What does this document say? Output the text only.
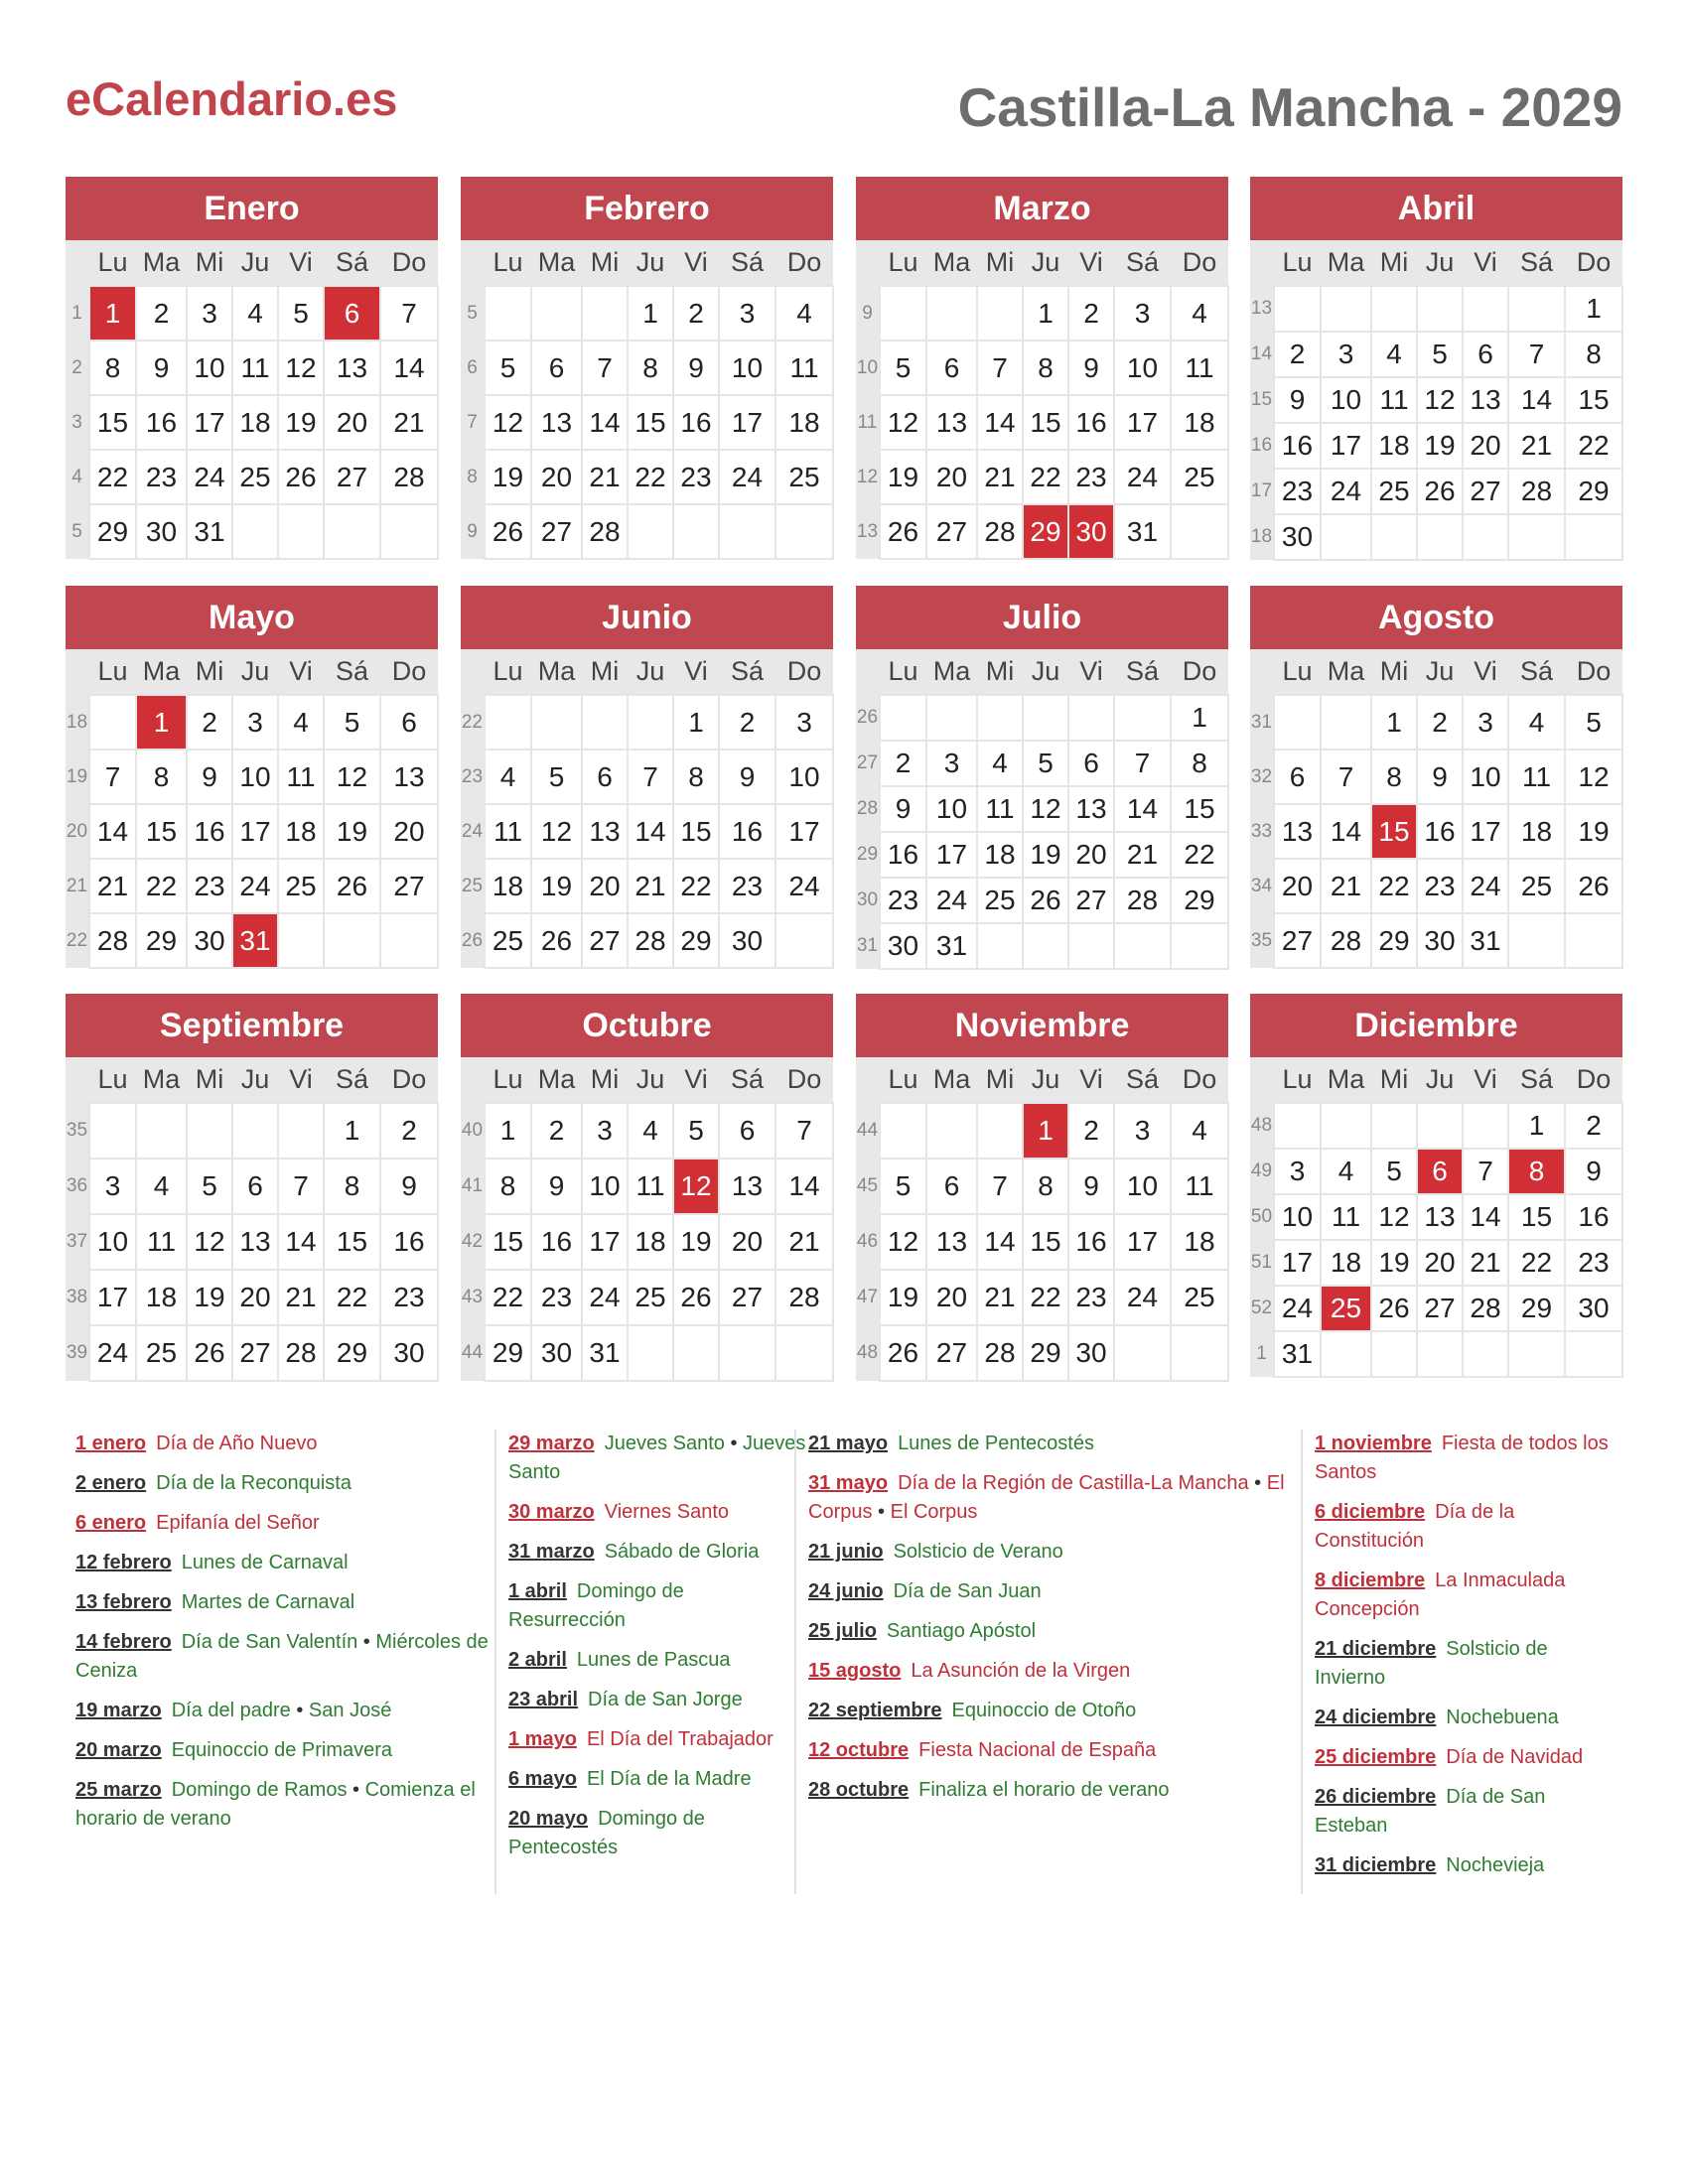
eCalendario.es	Castilla-La Mancha - 2029
Enero
	Lu	Ma	Mi	Ju	Vi	Sá	Do
1	1	2	3	4	5	6	7
2	8	9	10	11	12	13	14
3	15	16	17	18	19	20	21
4	22	23	24	25	26	27	28
5	29	30	31				
Febrero
	Lu	Ma	Mi	Ju	Vi	Sá	Do
5				1	2	3	4
6	5	6	7	8	9	10	11
7	12	13	14	15	16	17	18
8	19	20	21	22	23	24	25
9	26	27	28				
Marzo
	Lu	Ma	Mi	Ju	Vi	Sá	Do
9				1	2	3	4
10	5	6	7	8	9	10	11
11	12	13	14	15	16	17	18
12	19	20	21	22	23	24	25
13	26	27	28	29	30	31	
Abril
	Lu	Ma	Mi	Ju	Vi	Sá	Do
13							1
14	2	3	4	5	6	7	8
15	9	10	11	12	13	14	15
16	16	17	18	19	20	21	22
17	23	24	25	26	27	28	29
18	30						
Mayo
	Lu	Ma	Mi	Ju	Vi	Sá	Do
18		1	2	3	4	5	6
19	7	8	9	10	11	12	13
20	14	15	16	17	18	19	20
21	21	22	23	24	25	26	27
22	28	29	30	31			
Junio
	Lu	Ma	Mi	Ju	Vi	Sá	Do
22					1	2	3
23	4	5	6	7	8	9	10
24	11	12	13	14	15	16	17
25	18	19	20	21	22	23	24
26	25	26	27	28	29	30	
Julio
	Lu	Ma	Mi	Ju	Vi	Sá	Do
26							1
27	2	3	4	5	6	7	8
28	9	10	11	12	13	14	15
29	16	17	18	19	20	21	22
30	23	24	25	26	27	28	29
31	30	31					
Agosto
	Lu	Ma	Mi	Ju	Vi	Sá	Do
31			1	2	3	4	5
32	6	7	8	9	10	11	12
33	13	14	15	16	17	18	19
34	20	21	22	23	24	25	26
35	27	28	29	30	31		
Septiembre
	Lu	Ma	Mi	Ju	Vi	Sá	Do
35						1	2
36	3	4	5	6	7	8	9
37	10	11	12	13	14	15	16
38	17	18	19	20	21	22	23
39	24	25	26	27	28	29	30
Octubre
	Lu	Ma	Mi	Ju	Vi	Sá	Do
40	1	2	3	4	5	6	7
41	8	9	10	11	12	13	14
42	15	16	17	18	19	20	21
43	22	23	24	25	26	27	28
44	29	30	31				
Noviembre
	Lu	Ma	Mi	Ju	Vi	Sá	Do
44				1	2	3	4
45	5	6	7	8	9	10	11
46	12	13	14	15	16	17	18
47	19	20	21	22	23	24	25
48	26	27	28	29	30		
Diciembre
	Lu	Ma	Mi	Ju	Vi	Sá	Do
48						1	2
49	3	4	5	6	7	8	9
50	10	11	12	13	14	15	16
51	17	18	19	20	21	22	23
52	24	25	26	27	28	29	30
1	31						
1 enero Día de Año Nuevo
2 enero Día de la Reconquista
6 enero Epifanía del Señor
12 febrero Lunes de Carnaval
13 febrero Martes de Carnaval
14 febrero Día de San Valentín • Miércoles de Ceniza
19 marzo Día del padre • San José
20 marzo Equinoccio de Primavera
25 marzo Domingo de Ramos • Comienza el horario de verano
29 marzo Jueves Santo • Jueves Santo
30 marzo Viernes Santo
31 marzo Sábado de Gloria
1 abril Domingo de Resurrección
2 abril Lunes de Pascua
23 abril Día de San Jorge
1 mayo El Día del Trabajador
6 mayo El Día de la Madre
20 mayo Domingo de Pentecostés
21 mayo Lunes de Pentecostés
31 mayo Día de la Región de Castilla-La Mancha • El Corpus • El Corpus
21 junio Solsticio de Verano
24 junio Día de San Juan
25 julio Santiago Apóstol
15 agosto La Asunción de la Virgen
22 septiembre Equinoccio de Otoño
12 octubre Fiesta Nacional de España
28 octubre Finaliza el horario de verano
1 noviembre Fiesta de todos los Santos
6 diciembre Día de la Constitución
8 diciembre La Inmaculada Concepción
21 diciembre Solsticio de Invierno
24 diciembre Nochebuena
25 diciembre Día de Navidad
26 diciembre Día de San Esteban
31 diciembre Nochevieja
